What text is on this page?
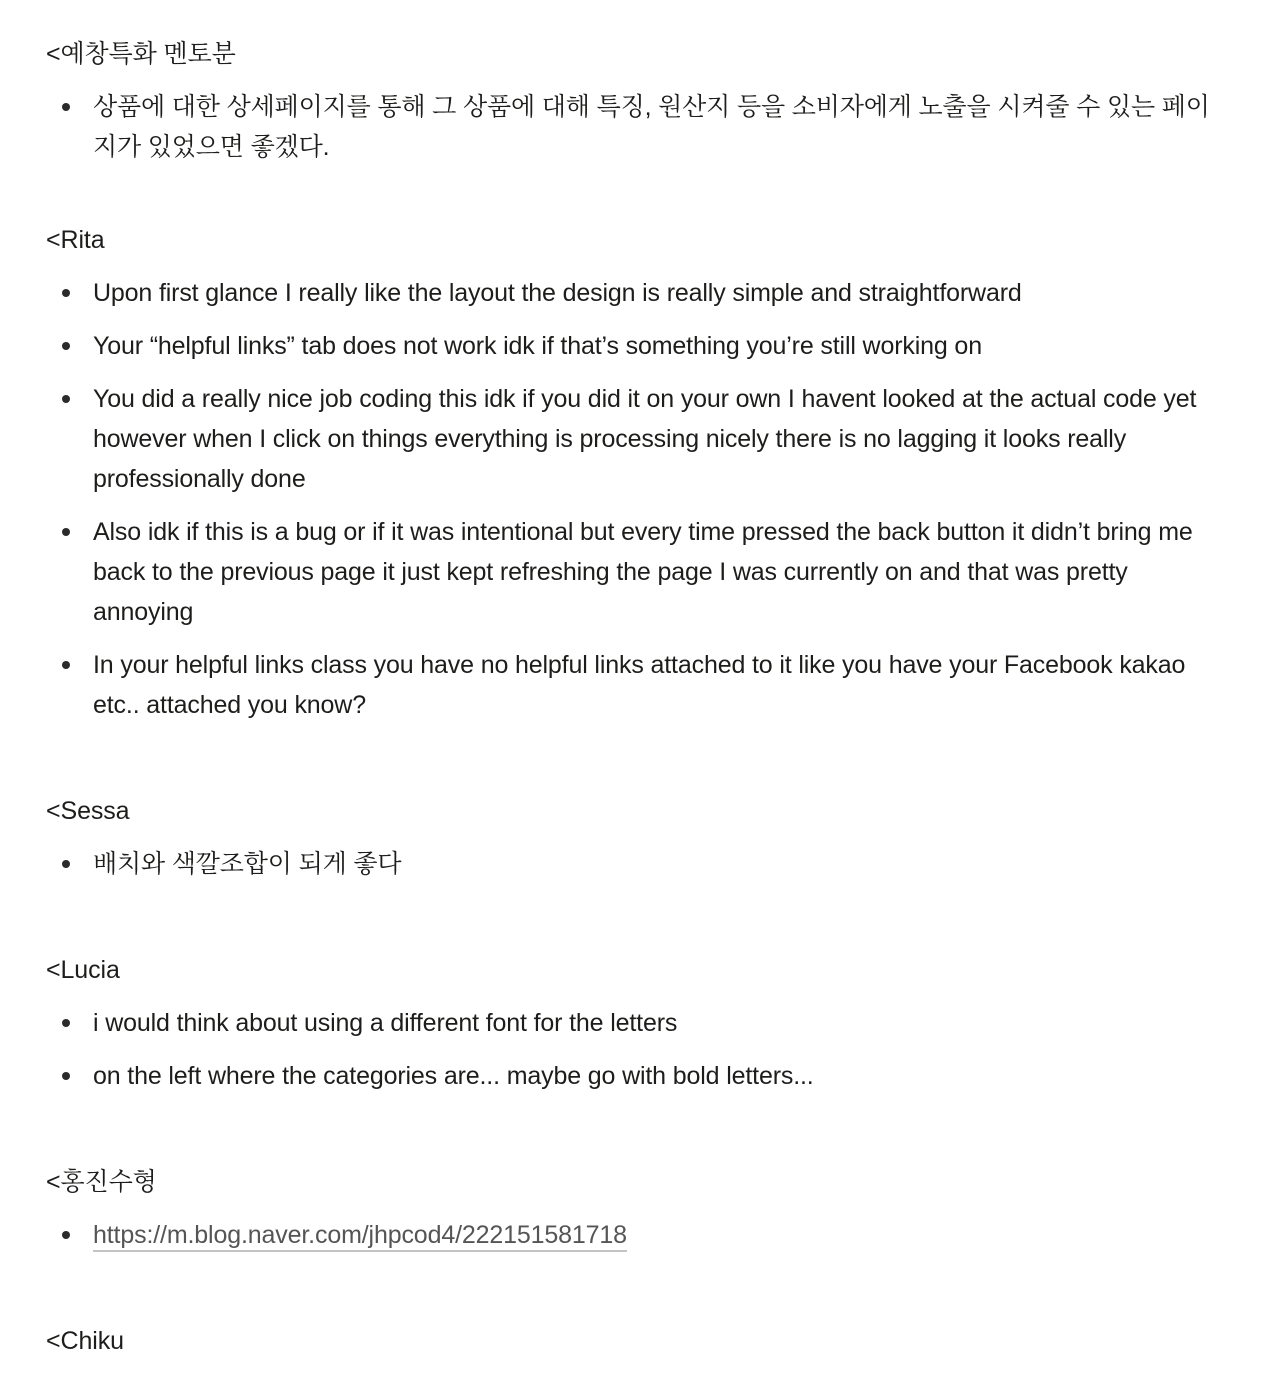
<예창특화 멘토분
상품에 대한 상세페이지를 통해 그 상품에 대해 특징, 원산지 등을 소비자에게 노출을 시켜줄 수 있는 페이지가 있었으면 좋겠다.
<Rita
Upon first glance I really like the layout the design is really simple and straightforward
Your “helpful links” tab does not work idk if that’s something you’re still working on
You did a really nice job coding this idk if you did it on your own I havent looked at the actual code yet however when I click on things everything is processing nicely there is no lagging it looks really professionally done
Also idk if this is a bug or if it was intentional but every time pressed the back button it didn’t bring me back to the previous page it just kept refreshing the page I was currently on and that was pretty annoying
In your helpful links class you have no helpful links attached to it like you have your Facebook kakao etc.. attached you know?
<Sessa
배치와 색깔조합이 되게 좋다
<Lucia
i would think about using a different font for the letters
on the left where the categories are... maybe go with bold letters...
<홍진수형
https://m.blog.naver.com/jhpcod4/222151581718
<Chiku
